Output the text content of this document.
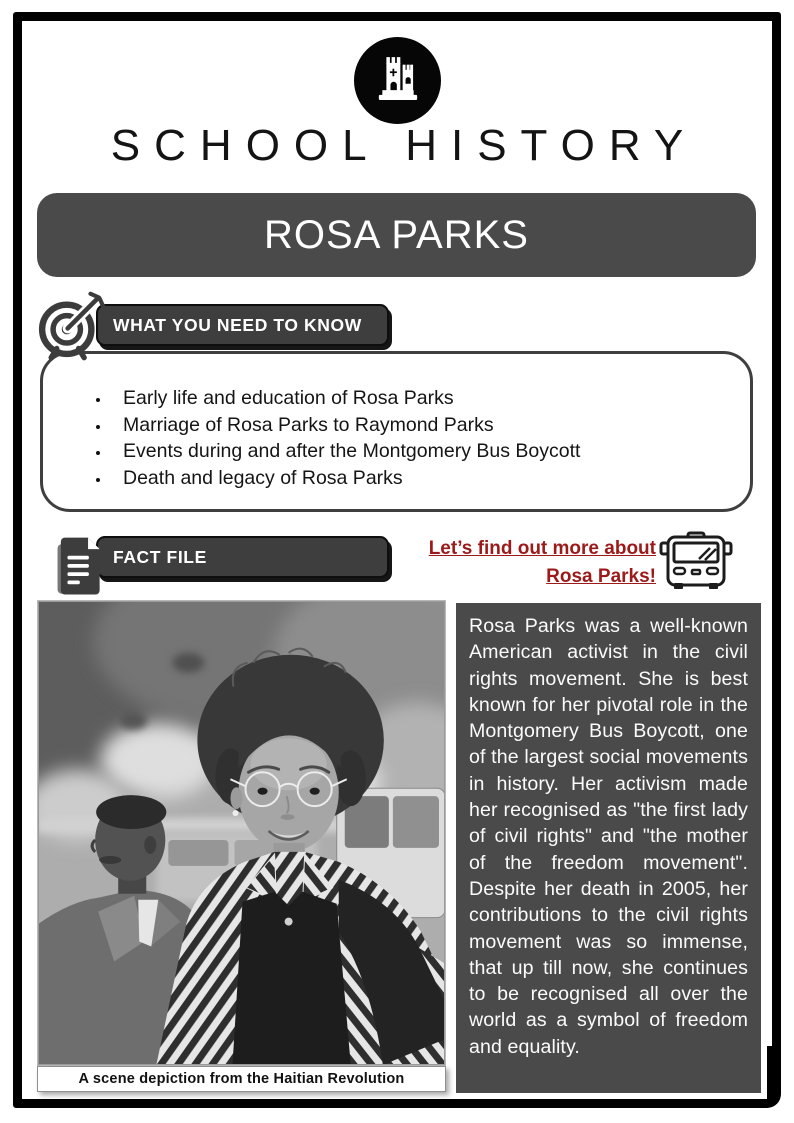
SCHOOL HISTORY
ROSA PARKS
WHAT YOU NEED TO KNOW
• Early life and education of Rosa Parks
• Marriage of Rosa Parks to Raymond Parks
• Events during and after the Montgomery Bus Boycott
• Death and legacy of Rosa Parks
FACT FILE	Let’s find out more about
Rosa Parks!
A scene depiction from the Haitian Revolution

Rosa Parks was a well-known American activist in the civil rights movement. She is best known for her pivotal role in the Montgomery Bus Boycott, one of the largest social movements in history. Her activism made her recognised as "the first lady of civil rights" and "the mother of the freedom movement". Despite her death in 2005, her contributions to the civil rights movement was so immense, that up till now, she continues to be recognised all over the world as a symbol of freedom and equality.
